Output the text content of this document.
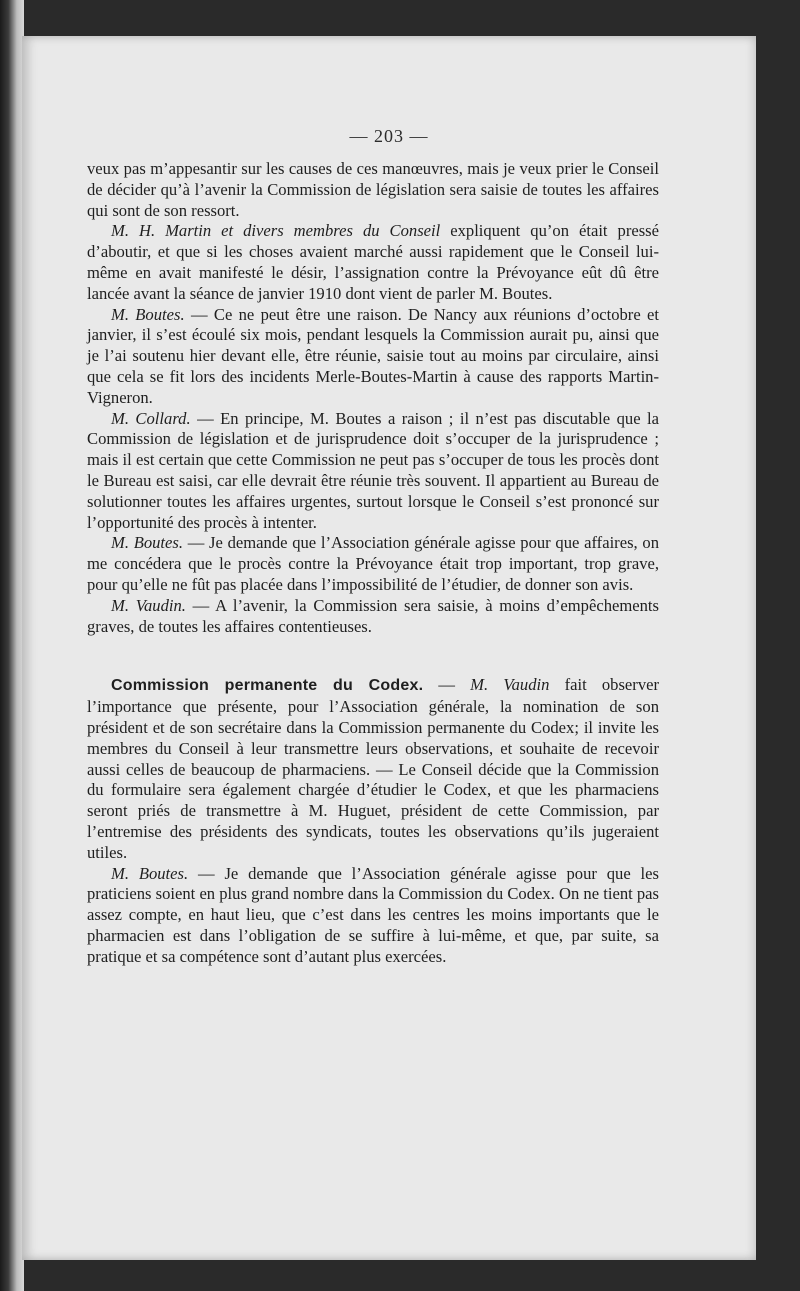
— 203 —

veux pas m’appesantir sur les causes de ces manœuvres, mais je veux prier le Conseil de décider qu’à l’avenir la Commission de législation sera saisie de toutes les affaires qui sont de son ressort.

M. H. Martin et divers membres du Conseil expliquent qu’on était pressé d’aboutir, et que si les choses avaient marché aussi rapidement que le Conseil lui-même en avait manifesté le désir, l’assignation contre la Prévoyance eût dû être lancée avant la séance de janvier 1910 dont vient de parler M. Boutes.

M. Boutes. — Ce ne peut être une raison. De Nancy aux réunions d’octobre et janvier, il s’est écoulé six mois, pendant lesquels la Commission aurait pu, ainsi que je l’ai soutenu hier devant elle, être réunie, saisie tout au moins par circulaire, ainsi que cela se fit lors des incidents Merle-Boutes-Martin à cause des rapports Martin-Vigneron.

M. Collard. — En principe, M. Boutes a raison ; il n’est pas discutable que la Commission de législation et de jurisprudence doit s’occuper de la jurisprudence ; mais il est certain que cette Commission ne peut pas s’occuper de tous les procès dont le Bureau est saisi, car elle devrait être réunie très souvent. Il appartient au Bureau de solutionner toutes les affaires urgentes, surtout lorsque le Conseil s’est prononcé sur l’opportunité des procès à intenter.

M. Boutes. — Je demande que l’Association générale agisse pour que affaires, on me concédera que le procès contre la Prévoyance était trop important, trop grave, pour qu’elle ne fût pas placée dans l’impossibilité de l’étudier, de donner son avis.

M. Vaudin. — A l’avenir, la Commission sera saisie, à moins d’empêchements graves, de toutes les affaires contentieuses.

Commission permanente du Codex. — M. Vaudin fait observer l’importance que présente, pour l’Association générale, la nomination de son président et de son secrétaire dans la Commission permanente du Codex; il invite les membres du Conseil à leur transmettre leurs observations, et souhaite de recevoir aussi celles de beaucoup de pharmaciens. — Le Conseil décide que la Commission du formulaire sera également chargée d’étudier le Codex, et que les pharmaciens seront priés de transmettre à M. Huguet, président de cette Commission, par l’entremise des présidents des syndicats, toutes les observations qu’ils jugeraient utiles.

M. Boutes. — Je demande que l’Association générale agisse pour que les praticiens soient en plus grand nombre dans la Commission du Codex. On ne tient pas assez compte, en haut lieu, que c’est dans les centres les moins importants que le pharmacien est dans l’obligation de se suffire à lui-même, et que, par suite, sa pratique et sa compétence sont d’autant plus exercées.
